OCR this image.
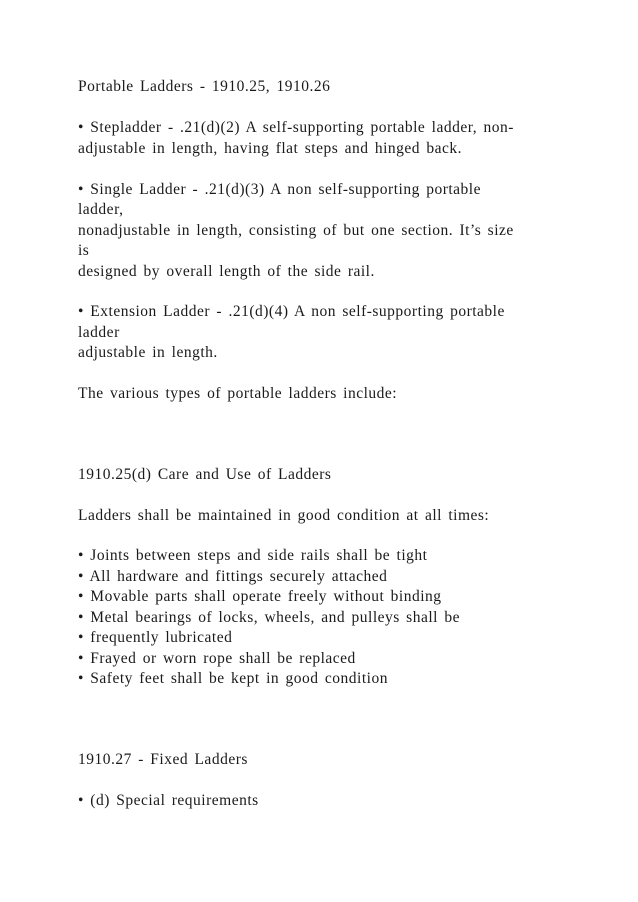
Portable Ladders - 1910.25, 1910.26
• Stepladder - .21(d)(2) A self-supporting portable ladder, non-
adjustable in length, having flat steps and hinged back.
• Single Ladder - .21(d)(3) A non self-supporting portable
ladder,
nonadjustable in length, consisting of but one section. It’s size
is
designed by overall length of the side rail.
• Extension Ladder - .21(d)(4) A non self-supporting portable
ladder
adjustable in length.
The various types of portable ladders include:
1910.25(d) Care and Use of Ladders
Ladders shall be maintained in good condition at all times:
• Joints between steps and side rails shall be tight
• All hardware and fittings securely attached
• Movable parts shall operate freely without binding
• Metal bearings of locks, wheels, and pulleys shall be
• frequently lubricated
• Frayed or worn rope shall be replaced
• Safety feet shall be kept in good condition
1910.27 - Fixed Ladders
• (d) Special requirements
